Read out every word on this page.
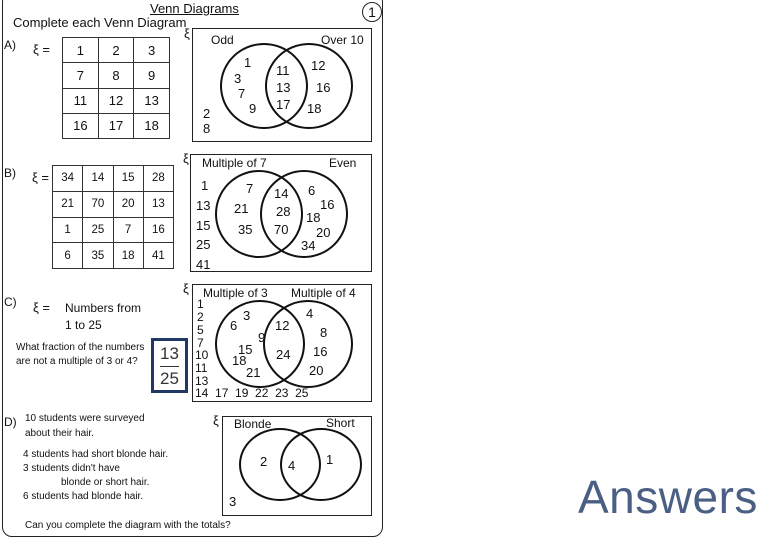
Venn Diagrams	1
Complete each Venn Diagram
A) ξ = 1	2	3
7	8	9
11	12	13
16	17	18
ξ Odd	Over 10
1
3
7
9
11
13
17
12
16
18
2
8
B) ξ = 34	14	15	28
21	70	20	13
1	25	7	16
6	35	18	41
ξ Multiple of 7	Even
7
21
35
14
28
70
6
16
18
20
34
1
13
15
25
41
C) ξ = Numbers from
1 to 25
What fraction of the numbers
are not a multiple of 3 or 4?	13
25
ξ Multiple of 3 Multiple of 4
3
6
9
15
18
21
12
24
4
8
16
20
1
2
5
7
10
11
13
14  17  19  22  23  25
D) 10 students were surveyed
about their hair.
4 students had short blonde hair.
3 students didn't have
blonde or short hair.
6 students had blonde hair.
Can you complete the diagram with the totals?
ξ Blonde	Short
2 4 1
3	Answers
